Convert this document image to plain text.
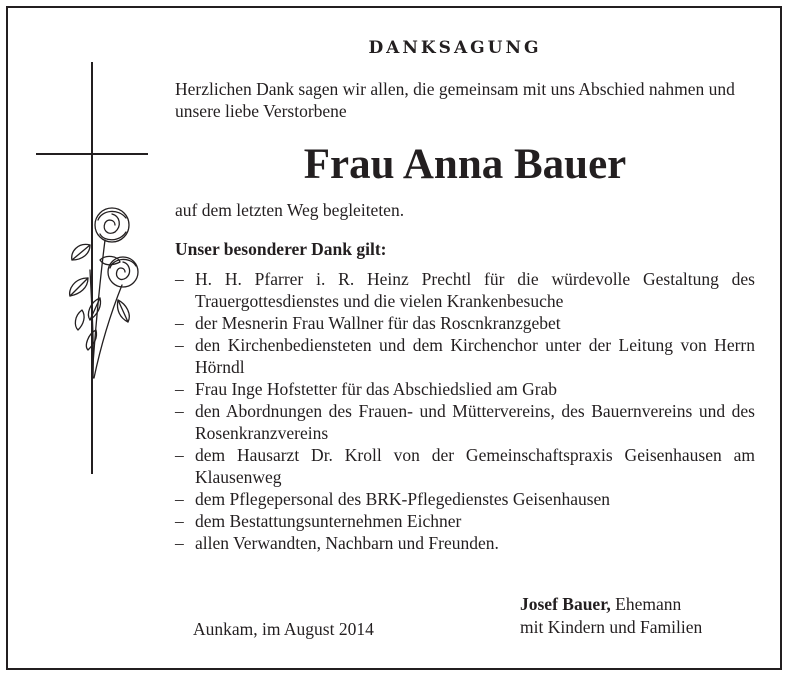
DANKSAGUNG
Herzlichen Dank sagen wir allen, die gemeinsam mit uns Abschied nahmen und unsere liebe Verstorbene
Frau Anna Bauer
auf dem letzten Weg begleiteten.
Unser besonderer Dank gilt:
– H. H. Pfarrer i. R. Heinz Prechtl für die würdevolle Gestaltung des Trauergottesdienstes und die vielen Krankenbesuche
– der Mesnerin Frau Wallner für das Roscnkranzgebet
– den Kirchenbediensteten und dem Kirchenchor unter der Leitung von Herrn Hörndl
– Frau Inge Hofstetter für das Abschiedslied am Grab
– den Abordnungen des Frauen- und Müttervereins, des Bauernvereins und des Rosenkranzvereins
– dem Hausarzt Dr. Kroll von der Gemeinschaftspraxis Geisenhausen am Klausenweg
– dem Pflegepersonal des BRK-Pflegedienstes Geisenhausen
– dem Bestattungsunternehmen Eichner
– allen Verwandten, Nachbarn und Freunden.
Aunkam, im August 2014
Josef Bauer, Ehemann
mit Kindern und Familien
